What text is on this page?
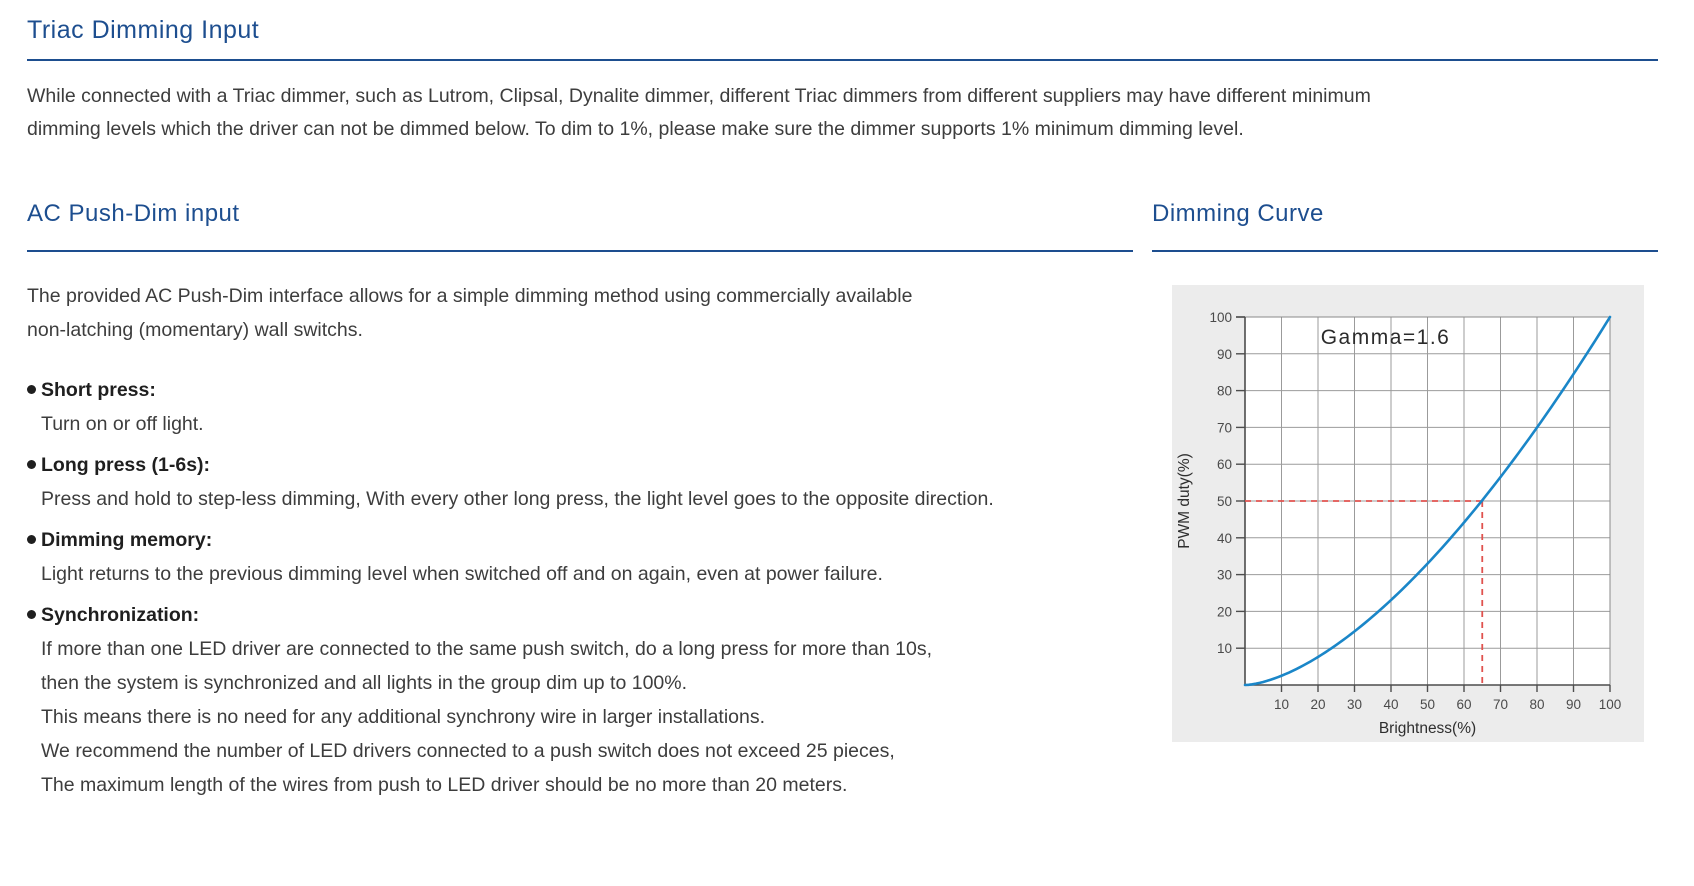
Triac Dimming Input

While connected with a Triac dimmer, such as Lutrom, Clipsal, Dynalite dimmer, different Triac dimmers from different suppliers may have different minimum

dimming levels which the driver can not be dimmed below. To dim to 1%, please make sure the dimmer supports 1% minimum dimming level.

AC Push-Dim input

The provided AC Push-Dim interface allows for a simple dimming method using commercially available

non-latching (momentary) wall switchs.

Short press:
Turn on or off light.
Long press (1-6s):
Press and hold to step-less dimming, With every other long press, the light level goes to the opposite direction.
Dimming memory:
Light returns to the previous dimming level when switched off and on again, even at power failure.
Synchronization:
If more than one LED driver are connected to the same push switch, do a long press for more than 10s,
then the system is synchronized and all lights in the group dim up to 100%.
This means there is no need for any additional synchrony wire in larger installations.
We recommend the number of LED drivers connected to a push switch does not exceed 25 pieces,
The maximum length of the wires from push to LED driver should be no more than 20 meters.
Dimming Curve
10
20
30
40
50
60
70
80
90
100
10 20 30 40 50 60 70 80 90 100
Gamma=1.6
Brightness(%)
PWM duty(%)
